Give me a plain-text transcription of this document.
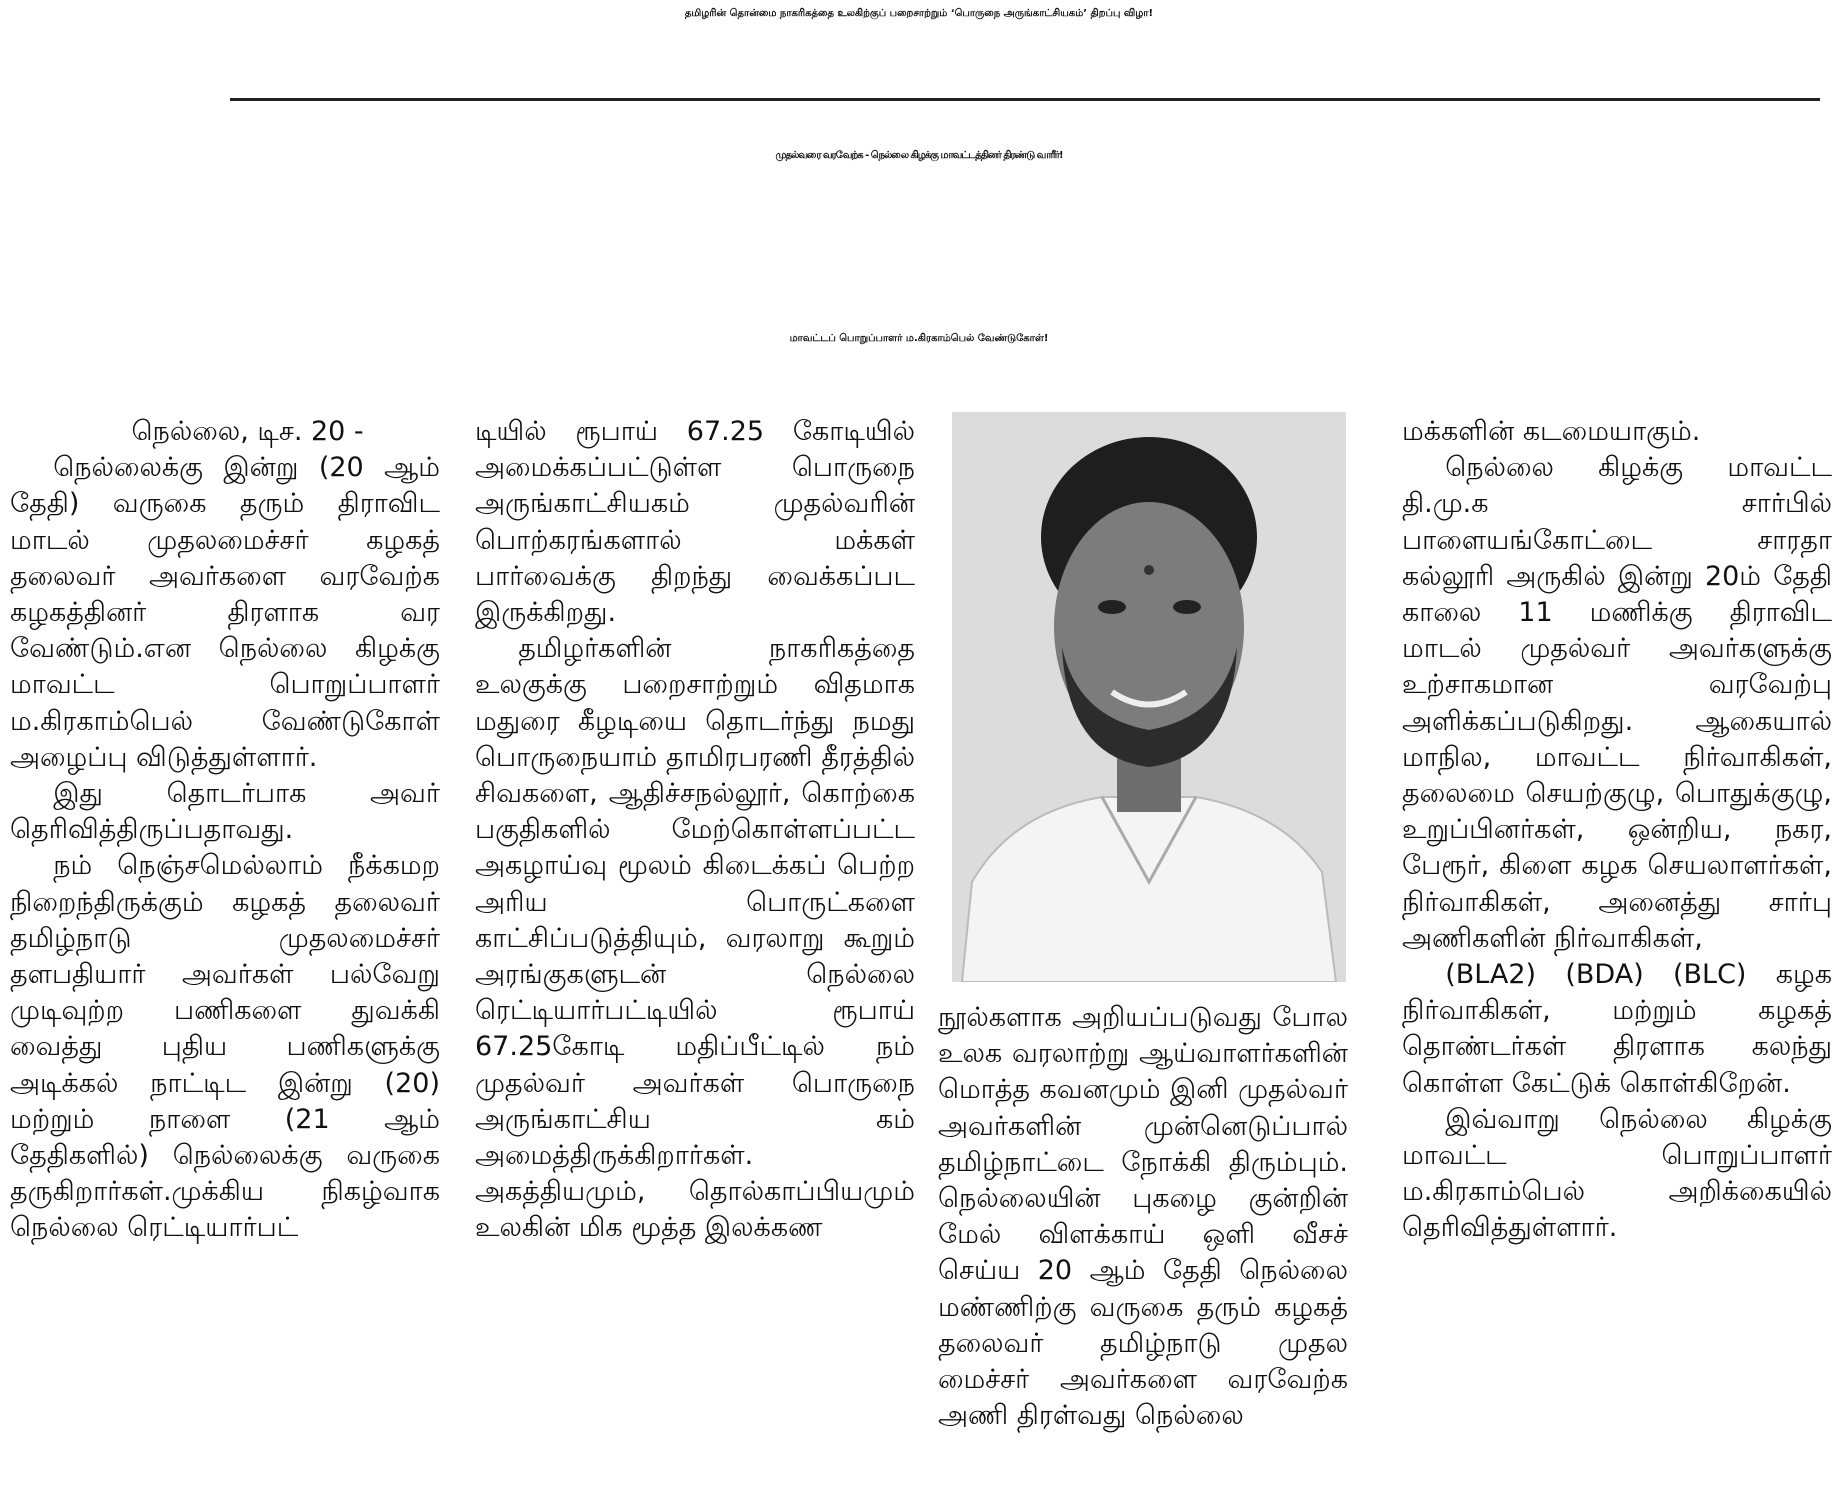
தமிழரின் தொன்மை நாகரிகத்தை உலகிற்குப் பறைசாற்றும் ‘பொருநை அருங்காட்சியகம்’ திறப்பு விழா!
முதல்வரை வரவேற்க - நெல்லை கிழக்கு மாவட்டத்தினர் திரண்டு வாரீர்!
மாவட்டப் பொறுப்பாளர் ம.கிரகாம்பெல் வேண்டுகோள்!

நெல்லை, டிச. 20 -

நெல்லைக்கு இன்று (20 ஆம் தேதி) வருகை தரும் திராவிட மாடல் முதலமைச்சர் கழகத் தலைவர் அவர்களை வரவேற்க கழகத்தினர் திரளாக வர வேண்டும்.என நெல்லை கிழக்கு மாவட்ட பொறுப்பாளர் ம.கிரகாம்பெல் வேண்டுகோள் அழைப்பு விடுத்துள்ளார்.

இது தொடர்பாக அவர் தெரிவித்திருப்பதாவது.

நம் நெஞ்சமெல்லாம் நீக்கமற நிறைந்திருக்கும் கழகத் தலைவர் தமிழ்நாடு முதலமைச்சர் தளபதியார் அவர்கள் பல்வேறு முடிவுற்ற பணிகளை துவக்கி வைத்து புதிய பணிகளுக்கு அடிக்கல் நாட்டிட இன்று (20) மற்றும் நாளை (21 ஆம் தேதிகளில்) நெல்லைக்கு வருகை தருகிறார்கள்.முக்கிய நிகழ்வாக நெல்லை ரெட்டியார்பட்

டியில் ரூபாய் 67.25 கோடியில் அமைக்கப்பட்டுள்ள பொருநை அருங்காட்சியகம் முதல்வரின் பொற்கரங்களால் மக்கள் பார்வைக்கு திறந்து வைக்கப்பட இருக்கிறது.

தமிழர்களின் நாகரிகத்தை உலகுக்கு பறைசாற்றும் விதமாக மதுரை கீழடியை தொடர்ந்து நமது பொருநையாம் தாமிரபரணி தீரத்தில் சிவகளை, ஆதிச்சநல்லூர், கொற்கை பகுதிகளில் மேற்கொள்ளப்பட்ட அகழாய்வு மூலம் கிடைக்கப் பெற்ற அரிய பொருட்களை காட்சிப்படுத்தியும், வரலாறு கூறும் அரங்குகளுடன் நெல்லை ரெட்டியார்பட்டியில் ரூபாய் 67.25கோடி மதிப்பீட்டில் நம் முதல்வர் அவர்கள் பொருநை அருங்காட்சிய கம் அமைத்திருக்கிறார்கள். அகத்தியமும், தொல்காப்பியமும் உலகின் மிக மூத்த இலக்கண

நூல்களாக அறியப்படுவது போல உலக வரலாற்று ஆய்வாளர்களின் மொத்த கவனமும் இனி முதல்வர் அவர்களின் முன்னெடுப்பால் தமிழ்நாட்டை நோக்கி திரும்பும். நெல்லையின் புகழை குன்றின் மேல் விளக்காய் ஒளி வீசச் செய்ய 20 ஆம் தேதி நெல்லை மண்ணிற்கு வருகை தரும் கழகத் தலைவர் தமிழ்நாடு முதல மைச்சர் அவர்களை வரவேற்க அணி திரள்வது நெல்லை

மக்களின் கடமையாகும்.

நெல்லை கிழக்கு மாவட்ட தி.மு.க சார்பில் பாளையங்கோட்டை சாரதா கல்லூரி அருகில் இன்று 20ம் தேதி காலை 11 மணிக்கு திராவிட மாடல் முதல்வர் அவர்களுக்கு உற்சாகமான வரவேற்பு அளிக்கப்படுகிறது. ஆகையால் மாநில, மாவட்ட நிர்வாகிகள், தலைமை செயற்குழு, பொதுக்குழு, உறுப்பினர்கள், ஒன்றிய, நகர, பேரூர், கிளை கழக செயலாளர்கள், நிர்வாகிகள், அனைத்து சார்பு அணிகளின் நிர்வாகிகள்,

(BLA2) (BDA) (BLC) கழக நிர்வாகிகள், மற்றும் கழகத் தொண்டர்கள் திரளாக கலந்து கொள்ள கேட்டுக் கொள்கிறேன்.

இவ்வாறு நெல்லை கிழக்கு மாவட்ட பொறுப்பாளர் ம.கிரகாம்பெல் அறிக்கையில் தெரிவித்துள்ளார்.
